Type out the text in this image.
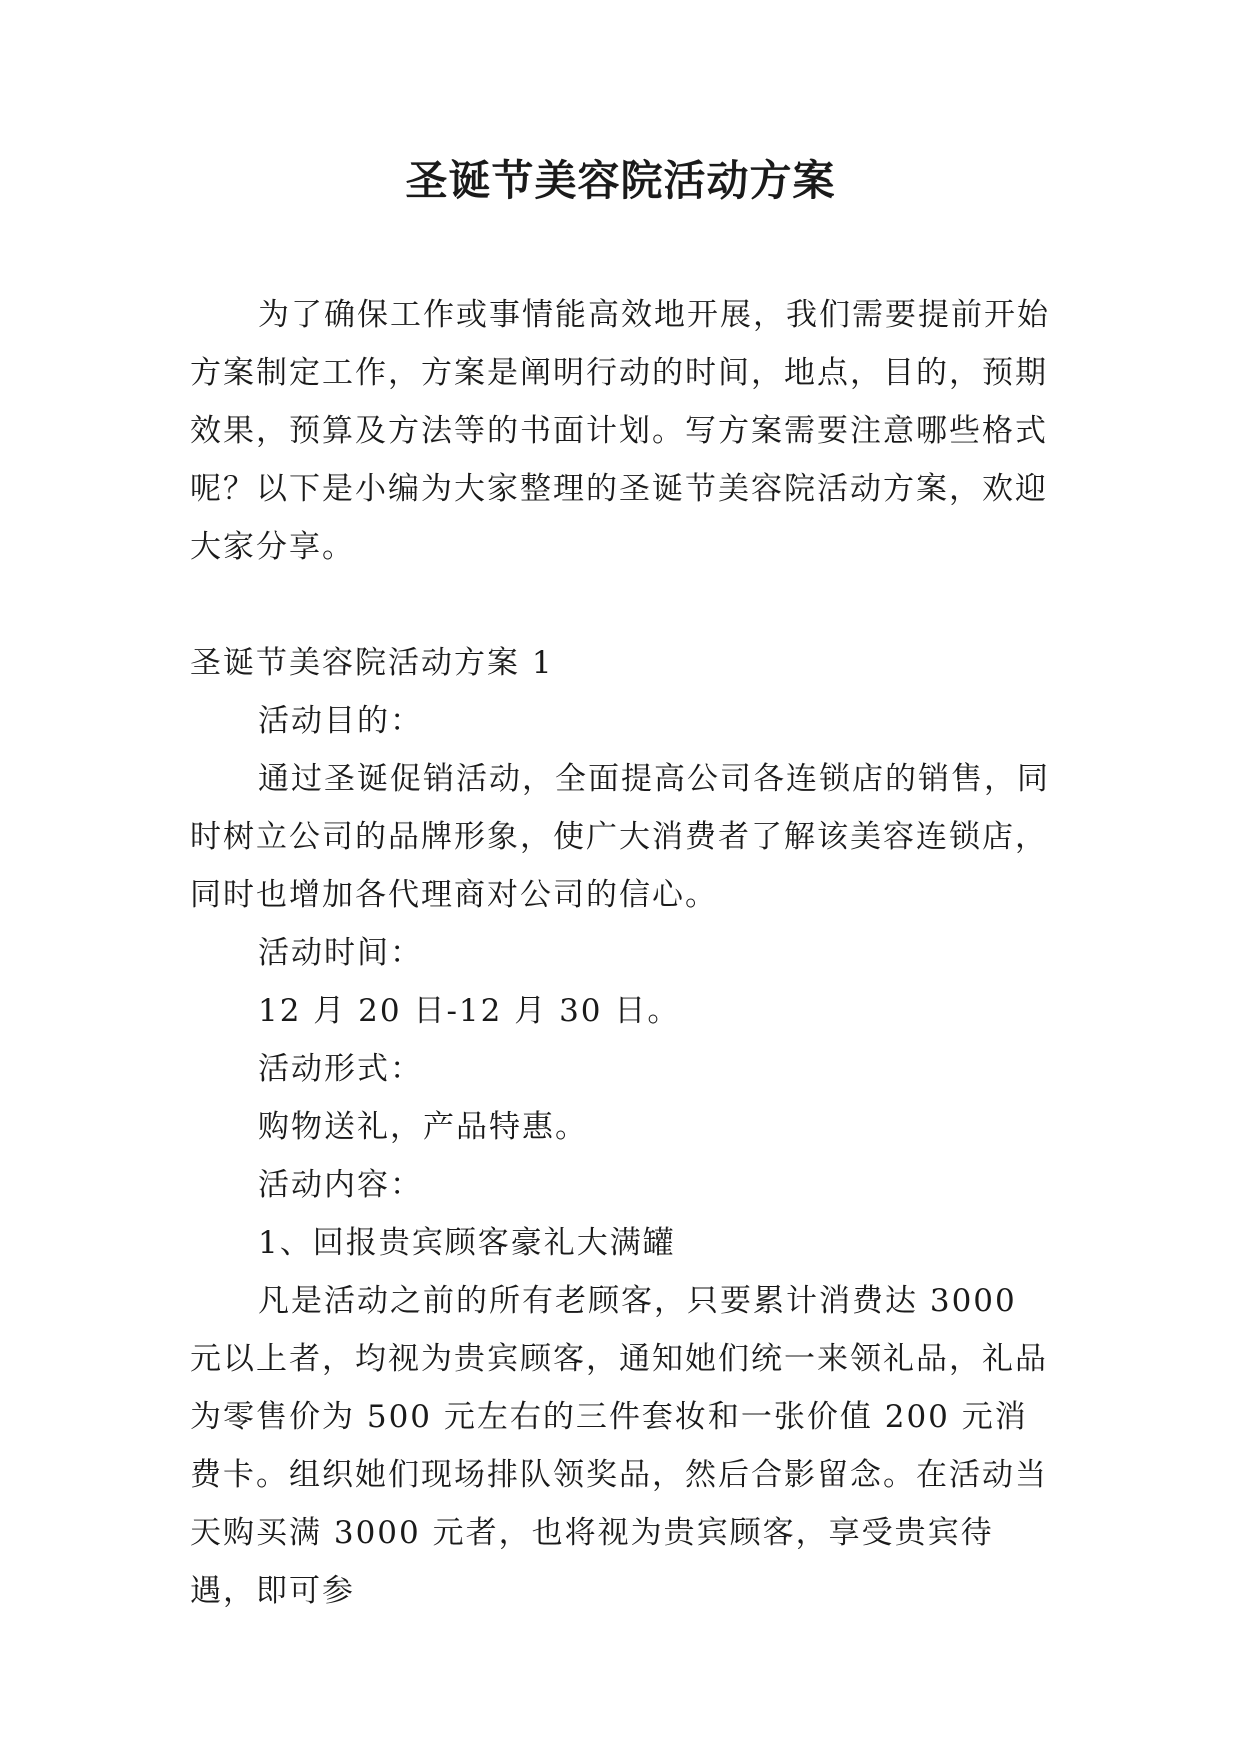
圣诞节美容院活动方案

为了确保工作或事情能高效地开展，我们需要提前开始方案制定工作，方案是阐明行动的时间，地点，目的，预期效果，预算及方法等的书面计划。写方案需要注意哪些格式呢？以下是小编为大家整理的圣诞节美容院活动方案，欢迎大家分享。

圣诞节美容院活动方案 1

活动目的：

通过圣诞促销活动，全面提高公司各连锁店的销售，同时树立公司的品牌形象，使广大消费者了解该美容连锁店，同时也增加各代理商对公司的信心。

活动时间：

12 月 20 日-12 月 30 日。

活动形式：

购物送礼，产品特惠。

活动内容：

1、回报贵宾顾客豪礼大满罐

凡是活动之前的所有老顾客，只要累计消费达 3000 元以上者，均视为贵宾顾客，通知她们统一来领礼品，礼品为零售价为 500 元左右的三件套妆和一张价值 200 元消费卡。组织她们现场排队领奖品，然后合影留念。在活动当天购买满 3000 元者，也将视为贵宾顾客，享受贵宾待遇，即可参
